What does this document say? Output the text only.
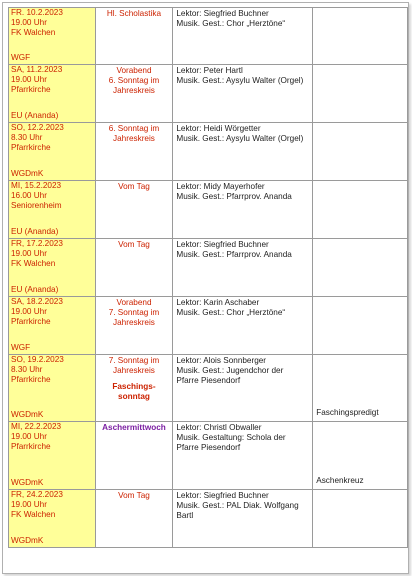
FR. 10.2.2023
19.00 Uhr
FK Walchen
WGF	Hl. Scholastika	Lektor: Siegfried Buchner
Musik. Gest.: Chor „Herztöne“	

SA, 11.2.2023
19.00 Uhr
Pfarrkirche
EU (Ananda)	Vorabend
6. Sonntag im
Jahreskreis	Lektor: Peter Hartl
Musik. Gest.: Aysylu Walter (Orgel)	

SO, 12.2.2023
8.30 Uhr
Pfarrkirche
WGDmK	6. Sonntag im
Jahreskreis	Lektor: Heidi Wörgetter
Musik. Gest.: Aysylu Walter (Orgel)	

MI, 15.2.2023
16.00 Uhr
Seniorenheim
EU (Ananda)	Vom Tag	Lektor: Midy Mayerhofer
Musik. Gest.: Pfarrprov. Ananda	

FR, 17.2.2023
19.00 Uhr
FK Walchen
EU (Ananda)	Vom Tag	Lektor: Siegfried Buchner
Musik. Gest.: Pfarrprov. Ananda	

SA, 18.2.2023
19.00 Uhr
Pfarrkirche
WGF	Vorabend
7. Sonntag im
Jahreskreis	Lektor: Karin Aschaber
Musik. Gest.: Chor „Herztöne“	

SO, 19.2.2023
8.30 Uhr
Pfarrkirche
WGDmK	7. Sonntag im
Jahreskreis
Faschings-
sonntag	Lektor: Alois Sonnberger
Musik. Gest.: Jugendchor der
Pfarre Piesendorf	Faschingspredigt

MI, 22.2.2023
19.00 Uhr
Pfarrkirche
WGDmK	Aschermittwoch	Lektor: Christl Obwaller
Musik. Gestaltung: Schola der
Pfarre Piesendorf	Aschenkreuz

FR, 24.2.2023
19.00 Uhr
FK Walchen
WGDmK	Vom Tag	Lektor: Siegfried Buchner
Musik. Gest.: PAL Diak. Wolfgang
Bartl	
